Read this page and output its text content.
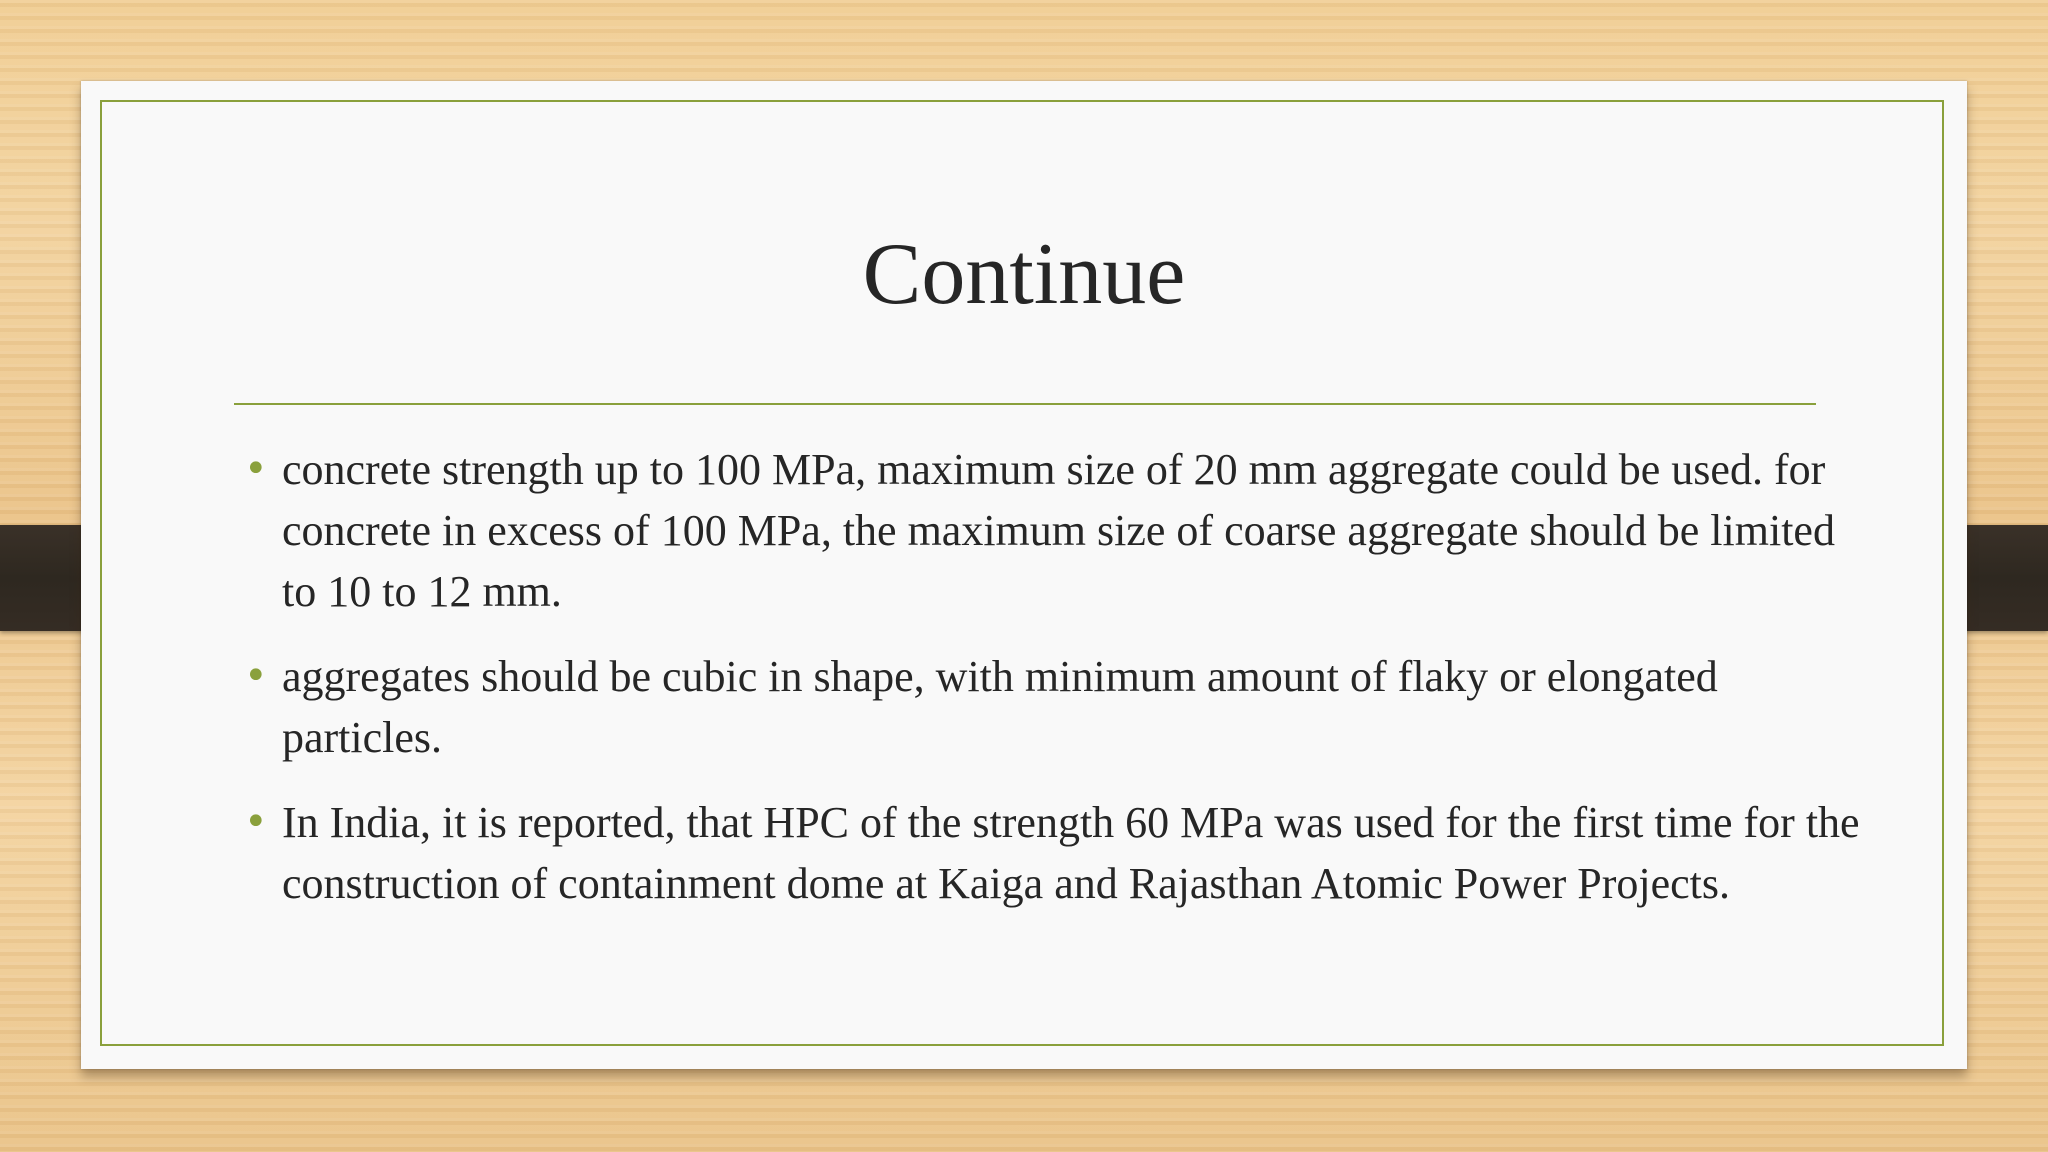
Continue
• concrete strength up to 100 MPa, maximum size of 20 mm aggregate could be used. for concrete in excess of 100 MPa, the maximum size of coarse aggregate should be limited to 10 to 12 mm.
• aggregates should be cubic in shape, with minimum amount of flaky or elongated particles.
• In India, it is reported, that HPC of the strength 60 MPa was used for the first time for the construction of containment dome at Kaiga and Rajasthan Atomic Power Projects.
